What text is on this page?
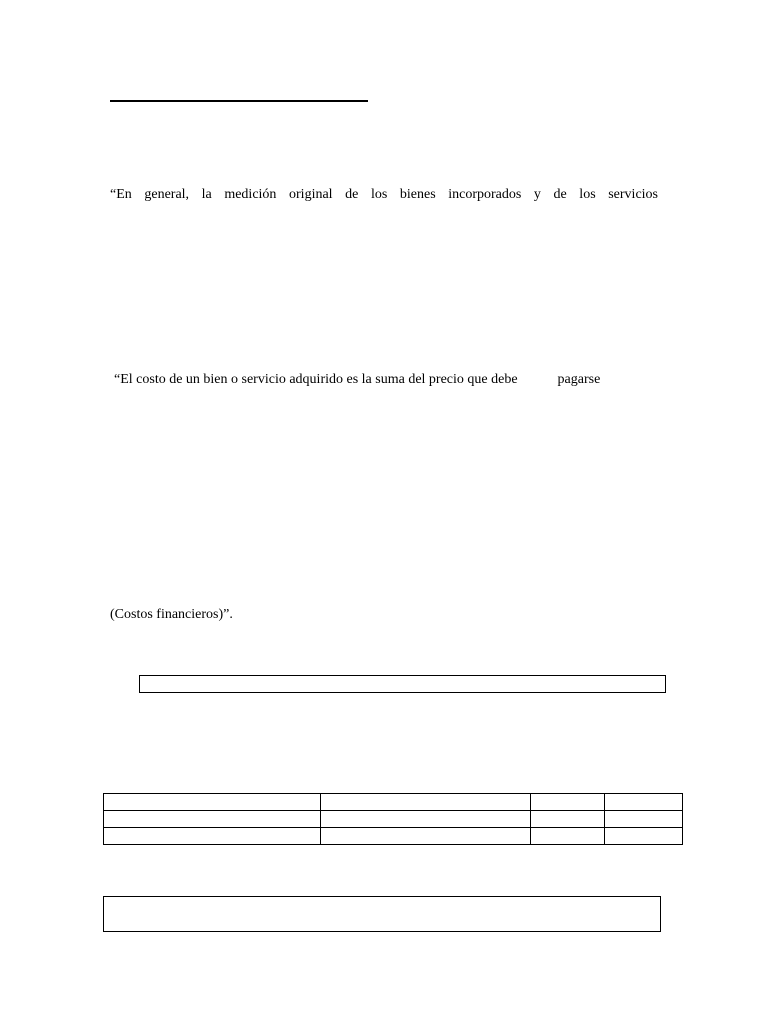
“En general, la medición original de los bienes incorporados y de los servicios

“El costo de un bien o servicio adquirido es la suma del precio que debe	pagarse

(Costos financieros)”.
